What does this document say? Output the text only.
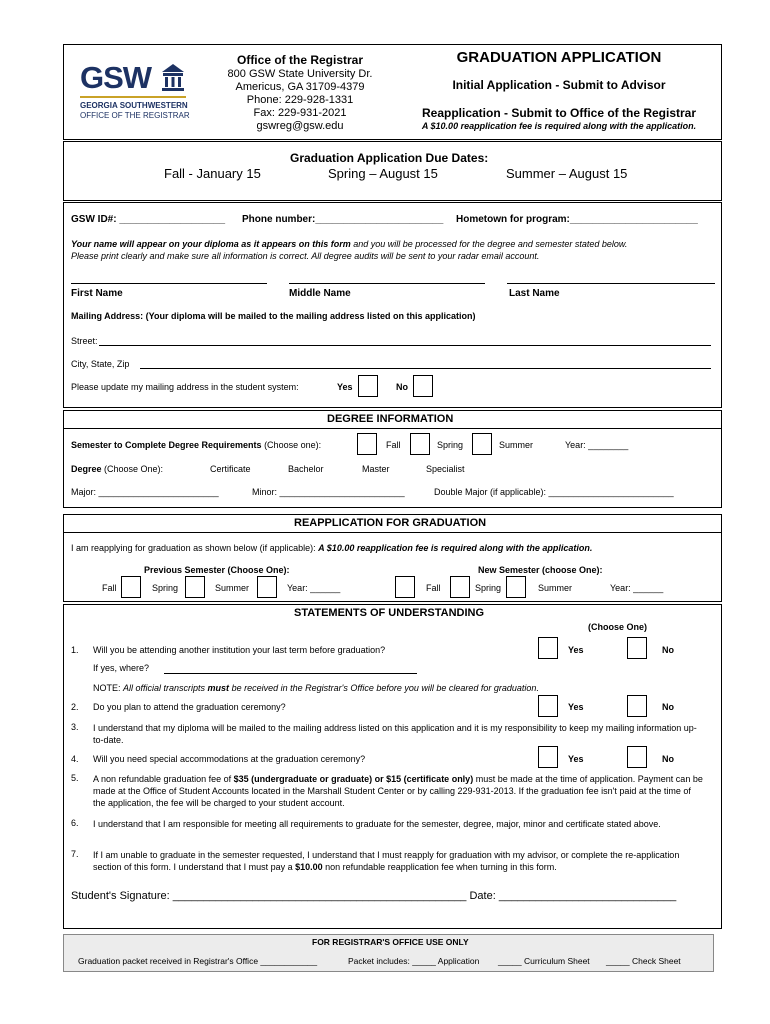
GSW
GEORGIA SOUTHWESTERN
OFFICE OF THE REGISTRAR
Office of the Registrar
800 GSW State University Dr.
Americus, GA 31709-4379
Phone: 229-928-1331
Fax: 229-931-2021
gswreg@gsw.edu
GRADUATION APPLICATION
Initial Application - Submit to Advisor
Reapplication - Submit to Office of the Registrar
A $10.00 reapplication fee is required along with the application.
Graduation Application Due Dates:
Fall - January 15	Spring – August 15	Summer – August 15
GSW ID#: ___________________ Phone number:_______________________ Hometown for program:_______________________
Your name will appear on your diploma as it appears on this form and you will be processed for the degree and semester stated below.
Please print clearly and make sure all information is correct. All degree audits will be sent to your radar email account.
First Name	Middle Name	Last Name
Mailing Address: (Your diploma will be mailed to the mailing address listed on this application)
Street:
City, State, Zip
Please update my mailing address in the student system:	Yes	No
DEGREE INFORMATION
Semester to Complete Degree Requirements (Choose one):	Fall	Spring	Summer	Year: ________
Degree (Choose One):	Certificate	Bachelor	Master	Specialist
Major: ________________________	Minor: _________________________	Double Major (if applicable): _________________________
REAPPLICATION FOR GRADUATION
I am reapplying for graduation as shown below (if applicable): A $10.00 reapplication fee is required along with the application.
Previous Semester (Choose One):	New Semester (choose One):
Fall	Spring	Summer	Year: ______	Fall	Spring	Summer	Year: ______
STATEMENTS OF UNDERSTANDING
(Choose One)
1. Will you be attending another institution your last term before graduation?	Yes	No
If yes, where?
NOTE: All official transcripts must be received in the Registrar's Office before you will be cleared for graduation.
2. Do you plan to attend the graduation ceremony?	Yes	No
3. I understand that my diploma will be mailed to the mailing address listed on this application and it is my responsibility to keep my mailing information up-to-date.
4. Will you need special accommodations at the graduation ceremony?	Yes	No
5. A non refundable graduation fee of $35 (undergraduate or graduate) or $15 (certificate only) must be made at the time of application. Payment can be made at the Office of Student Accounts located in the Marshall Student Center or by calling 229-931-2013. If the graduation fee isn't paid at the time of the application, the fee will be charged to your student account.
6. I understand that I am responsible for meeting all requirements to graduate for the semester, degree, major, minor and certificate stated above.
7. If I am unable to graduate in the semester requested, I understand that I must reapply for graduation with my advisor, or complete the re-application section of this form. I understand that I must pay a $10.00 non refundable reapplication fee when turning in this form.
Student's Signature: ________________________________________________ Date: _____________________________
FOR REGISTRAR'S OFFICE USE ONLY
Graduation packet received in Registrar's Office ____________	Packet includes: _____ Application _____ Curriculum Sheet _____ Check Sheet
